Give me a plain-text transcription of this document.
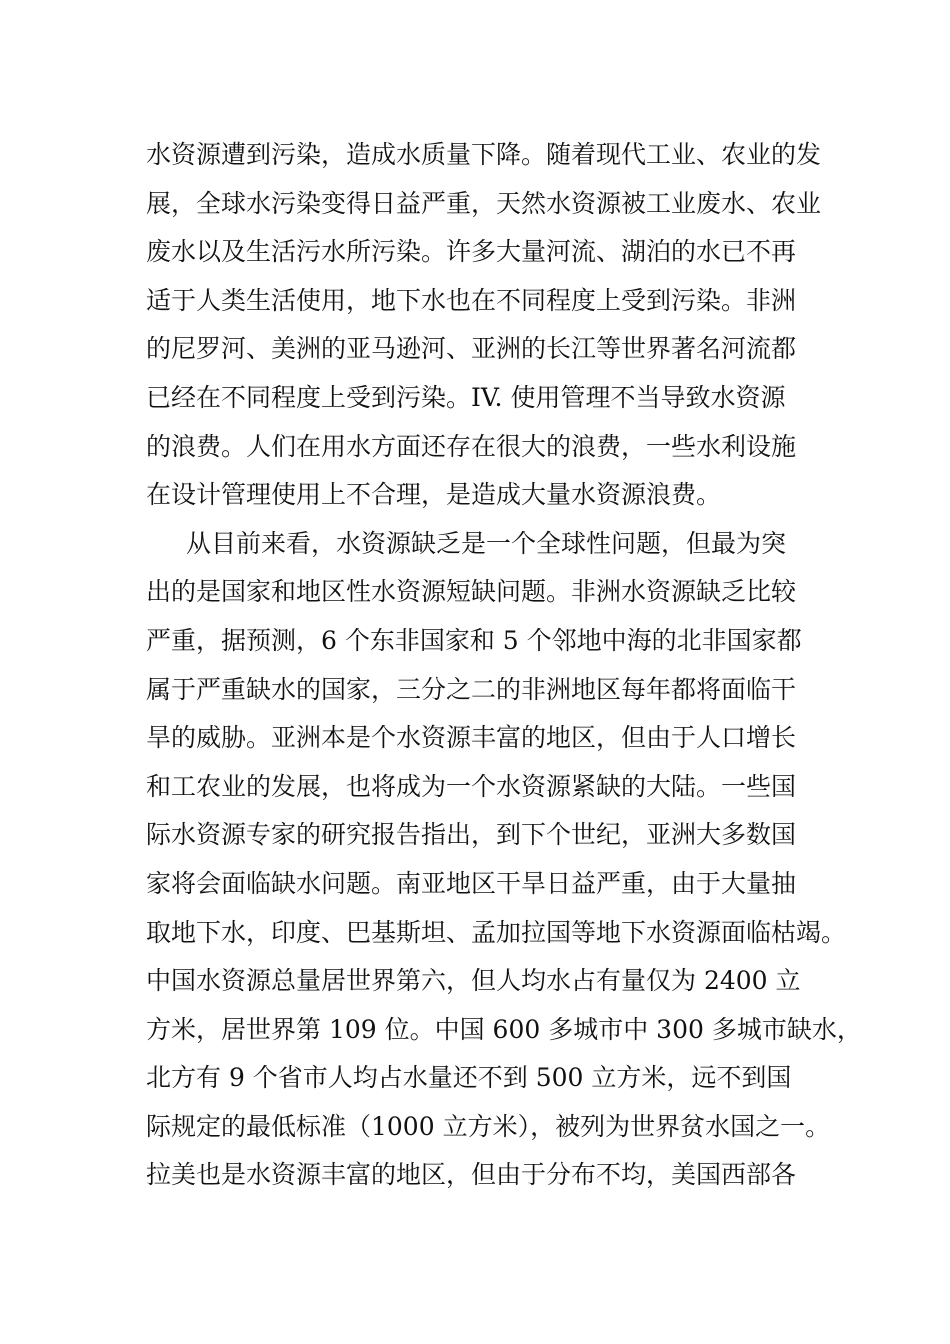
水资源遭到污染，造成水质量下降。随着现代工业、农业的发
展，全球水污染变得日益严重，天然水资源被工业废水、农业
废水以及生活污水所污染。许多大量河流、湖泊的水已不再
适于人类生活使用，地下水也在不同程度上受到污染。非洲
的尼罗河、美洲的亚马逊河、亚洲的长江等世界著名河流都
已经在不同程度上受到污染。IV. 使用管理不当导致水资源
的浪费。人们在用水方面还存在很大的浪费，一些水利设施
在设计管理使用上不合理，是造成大量水资源浪费。
从目前来看，水资源缺乏是一个全球性问题，但最为突
出的是国家和地区性水资源短缺问题。非洲水资源缺乏比较
严重，据预测，6 个东非国家和 5 个邻地中海的北非国家都
属于严重缺水的国家，三分之二的非洲地区每年都将面临干
旱的威胁。亚洲本是个水资源丰富的地区，但由于人口增长
和工农业的发展，也将成为一个水资源紧缺的大陆。一些国
际水资源专家的研究报告指出，到下个世纪，亚洲大多数国
家将会面临缺水问题。南亚地区干旱日益严重，由于大量抽
取地下水，印度、巴基斯坦、孟加拉国等地下水资源面临枯竭。
中国水资源总量居世界第六，但人均水占有量仅为 2400 立
方米，居世界第 109 位。中国 600 多城市中 300 多城市缺水，
北方有 9 个省市人均占水量还不到 500 立方米，远不到国
际规定的最低标准（1000 立方米），被列为世界贫水国之一。
拉美也是水资源丰富的地区，但由于分布不均，美国西部各
